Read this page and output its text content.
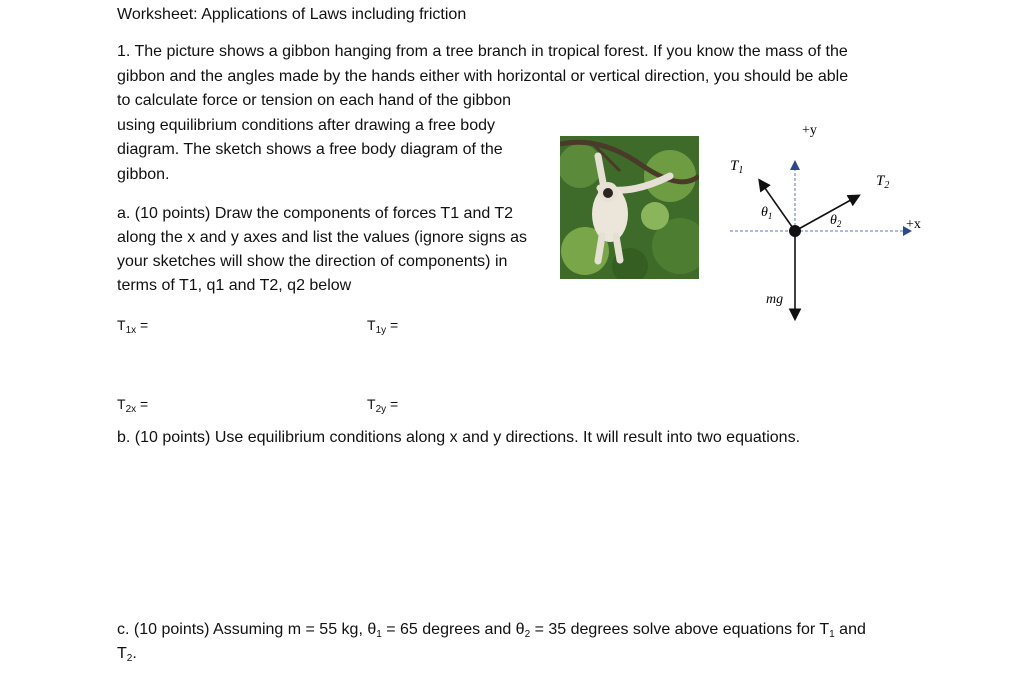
Worksheet: Applications of Laws including friction
1. The picture shows a gibbon hanging from a tree branch in tropical forest. If you know the mass of the
gibbon and the angles made by the hands either with horizontal or vertical direction, you should be able
to calculate force or tension on each hand of the gibbon
using equilibrium conditions after drawing a free body
diagram. The sketch shows a free body diagram of the
gibbon.
a. (10 points) Draw the components of forces T1 and T2
along the x and y axes and list the values (ignore signs as
your sketches will show the direction of components) in
terms of T1, q1 and T2, q2 below
$T_{1x}$ =	$T_{1y}$ =
$T_{2x}$ =	$T_{2y}$ =
b. (10 points) Use equilibrium conditions along x and y directions. It will result into two equations.
c. (10 points) Assuming m = 55 kg, θ1 = 65 degrees and θ2 = 35 degrees solve above equations for T1 and
T2.
+y
+x
$T_1$
$T_2$
$\theta_1$	$\theta_2$
mg
